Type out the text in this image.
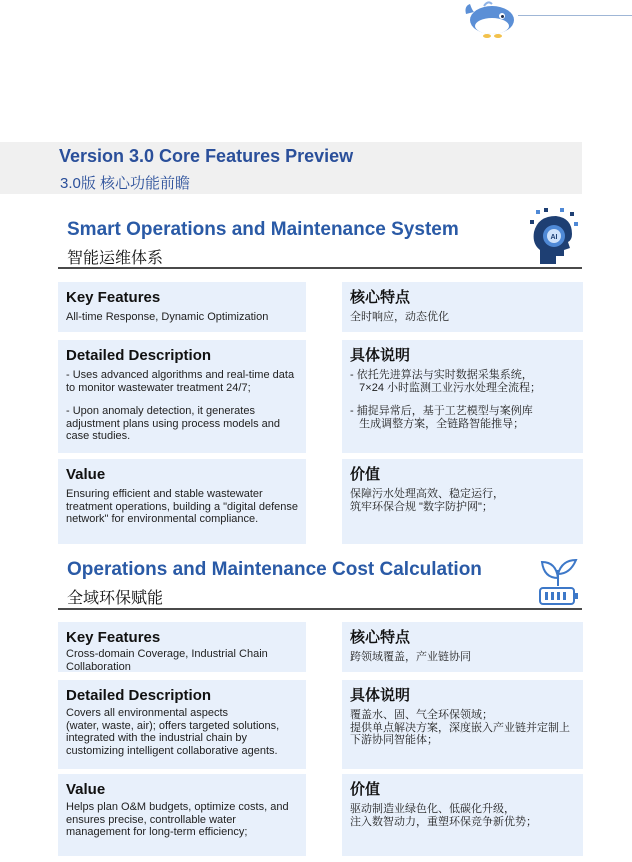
Version 3.0 Core Features Preview
3.0版 核心功能前瞻
Smart Operations and Maintenance System
智能运维体系
AI
Key Features
All-time Response, Dynamic Optimization
Detailed Description
- Uses advanced algorithms and real-time data to monitor wastewater treatment 24/7;
- Upon anomaly detection, it generates adjustment plans using process models and case studies.
Value
Ensuring efficient and stable wastewater treatment operations, building a "digital defense network" for environmental compliance.
核心特点
全时响应，动态优化
具体说明
- 依托先进算法与实时数据采集系统，
7×24 小时监测工业污水处理全流程；
- 捕捉异常后，基于工艺模型与案例库
生成调整方案，全链路智能推导；
价值
保障污水处理高效、稳定运行，
筑牢环保合规 "数字防护网"；
Operations and Maintenance Cost Calculation
全域环保赋能
Key Features
Cross-domain Coverage, Industrial Chain Collaboration
Detailed Description
Covers all environmental aspects
(water, waste, air); offers targeted solutions, integrated with the industrial chain by customizing intelligent collaborative agents.
Value
Helps plan O&M budgets, optimize costs, and ensures precise, controllable water management for long-term efficiency;
核心特点
跨领域覆盖，产业链协同
具体说明
覆盖水、固、气全环保领域；
提供单点解决方案，深度嵌入产业链并定制上下游协同智能体；
价值
驱动制造业绿色化、低碳化升级，
注入数智动力，重塑环保竞争新优势；
